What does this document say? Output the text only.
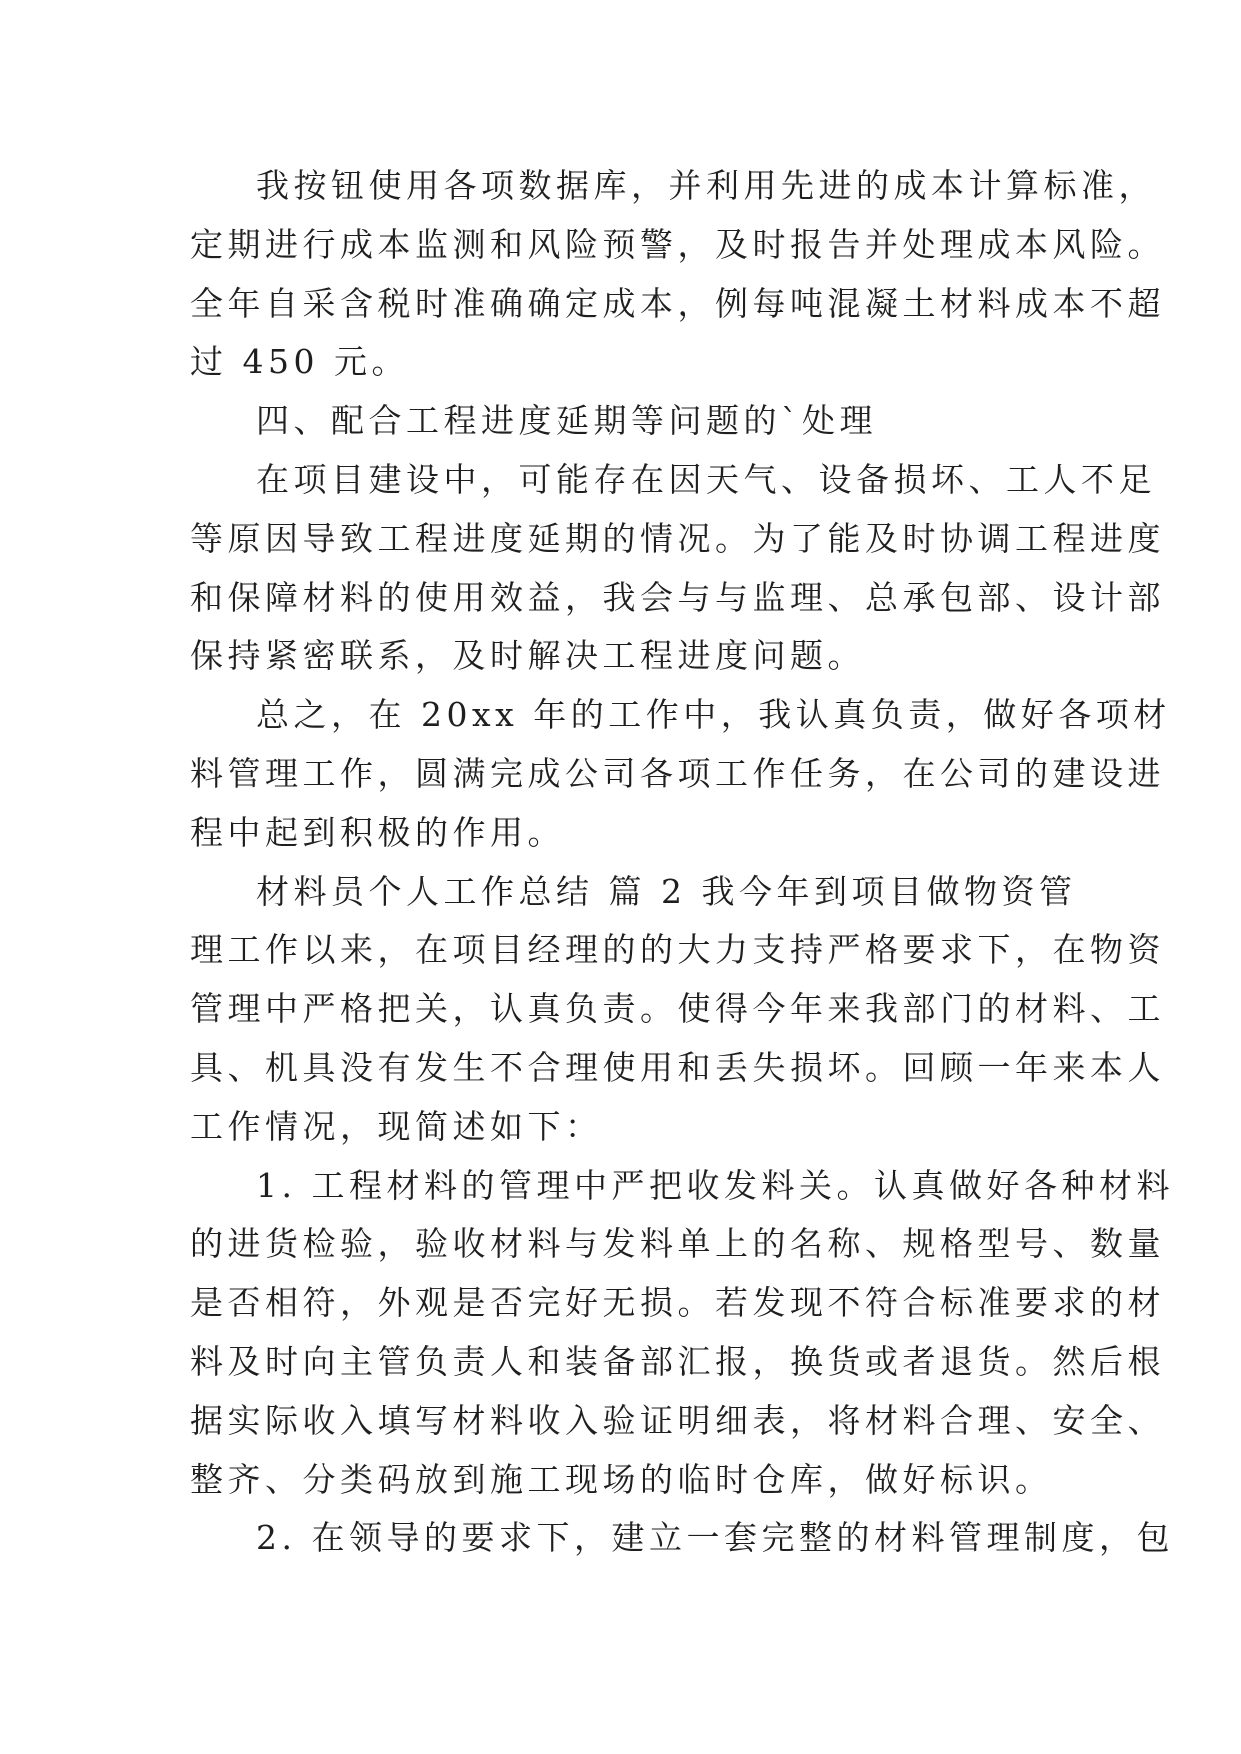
我按钮使用各项数据库，并利用先进的成本计算标准，
定期进行成本监测和风险预警，及时报告并处理成本风险。
全年自采含税时准确确定成本，例每吨混凝土材料成本不超
过 450 元。
四、配合工程进度延期等问题的`处理
在项目建设中，可能存在因天气、设备损坏、工人不足
等原因导致工程进度延期的情况。为了能及时协调工程进度
和保障材料的使用效益，我会与与监理、总承包部、设计部
保持紧密联系，及时解决工程进度问题。
总之，在 20xx 年的工作中，我认真负责，做好各项材
料管理工作，圆满完成公司各项工作任务，在公司的建设进
程中起到积极的作用。
材料员个人工作总结 篇 2 我今年到项目做物资管
理工作以来，在项目经理的的大力支持严格要求下，在物资
管理中严格把关，认真负责。使得今年来我部门的材料、工
具、机具没有发生不合理使用和丢失损坏。回顾一年来本人
工作情况，现简述如下：
1. 工程材料的管理中严把收发料关。认真做好各种材料
的进货检验，验收材料与发料单上的名称、规格型号、数量
是否相符，外观是否完好无损。若发现不符合标准要求的材
料及时向主管负责人和装备部汇报，换货或者退货。然后根
据实际收入填写材料收入验证明细表，将材料合理、安全、
整齐、分类码放到施工现场的临时仓库，做好标识。
2. 在领导的要求下，建立一套完整的材料管理制度，包
